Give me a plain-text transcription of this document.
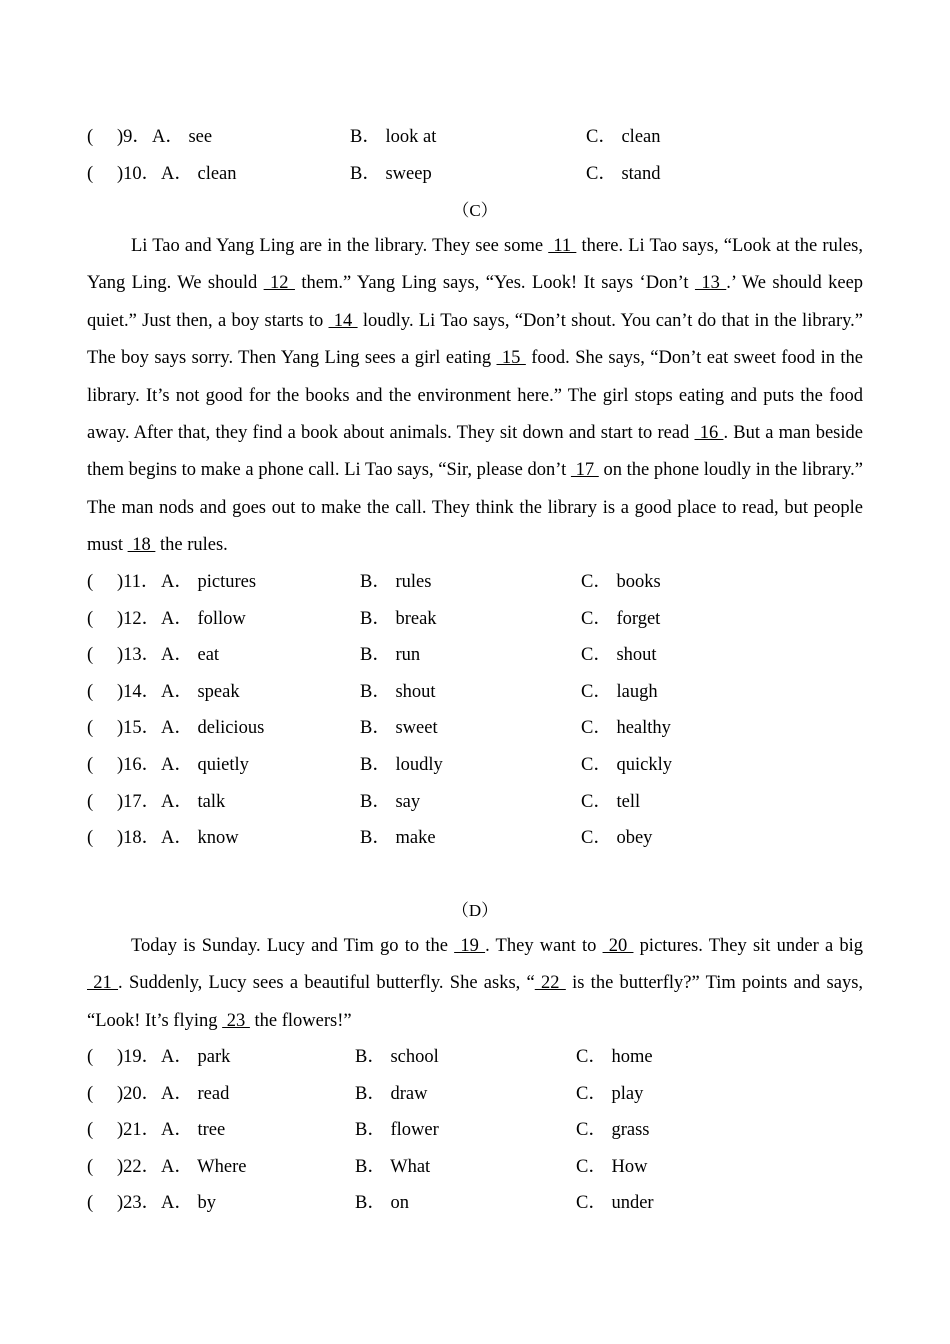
( )9． A． see	B． look at	C． clean
( )10． A． clean	B． sweep	C． stand
（C）

Li Tao and Yang Ling are in the library. They see some  11  there. Li Tao says, “Look at the rules, Yang Ling. We should  12  them.” Yang Ling says, “Yes. Look! It says ‘Don’t  13 .’ We should keep quiet.” Just then, a boy starts to  14  loudly. Li Tao says, “Don’t shout. You can’t do that in the library.” The boy says sorry. Then Yang Ling sees a girl eating  15  food. She says, “Don’t eat sweet food in the library. It’s not good for the books and the environment here.” The girl stops eating and puts the food away. After that, they find a book about animals. They sit down and start to read  16 . But a man beside them begins to make a phone call. Li Tao says, “Sir, please don’t  17  on the phone loudly in the library.” The man nods and goes out to make the call. They think the library is a good place to read, but people must  18  the rules.

( )11． A． pictures	B． rules	C． books
( )12． A． follow	B． break	C． forget
( )13． A． eat	B． run	C． shout
( )14． A． speak	B． shout	C． laugh
( )15． A． delicious	B． sweet	C． healthy
( )16． A． quietly	B． loudly	C． quickly
( )17． A． talk	B． say	C． tell
( )18． A． know	B． make	C． obey
（D）

Today is Sunday. Lucy and Tim go to the  19 . They want to  20  pictures. They sit under a big  21 . Suddenly, Lucy sees a beautiful butterfly. She asks, “ 22  is the butterfly?” Tim points and says, “Look! It’s flying  23  the flowers!”

( )19． A． park	B． school	C． home
( )20． A． read	B． draw	C． play
( )21． A． tree	B． flower	C． grass
( )22． A． Where	B． What	C． How
( )23． A． by	B． on	C． under
